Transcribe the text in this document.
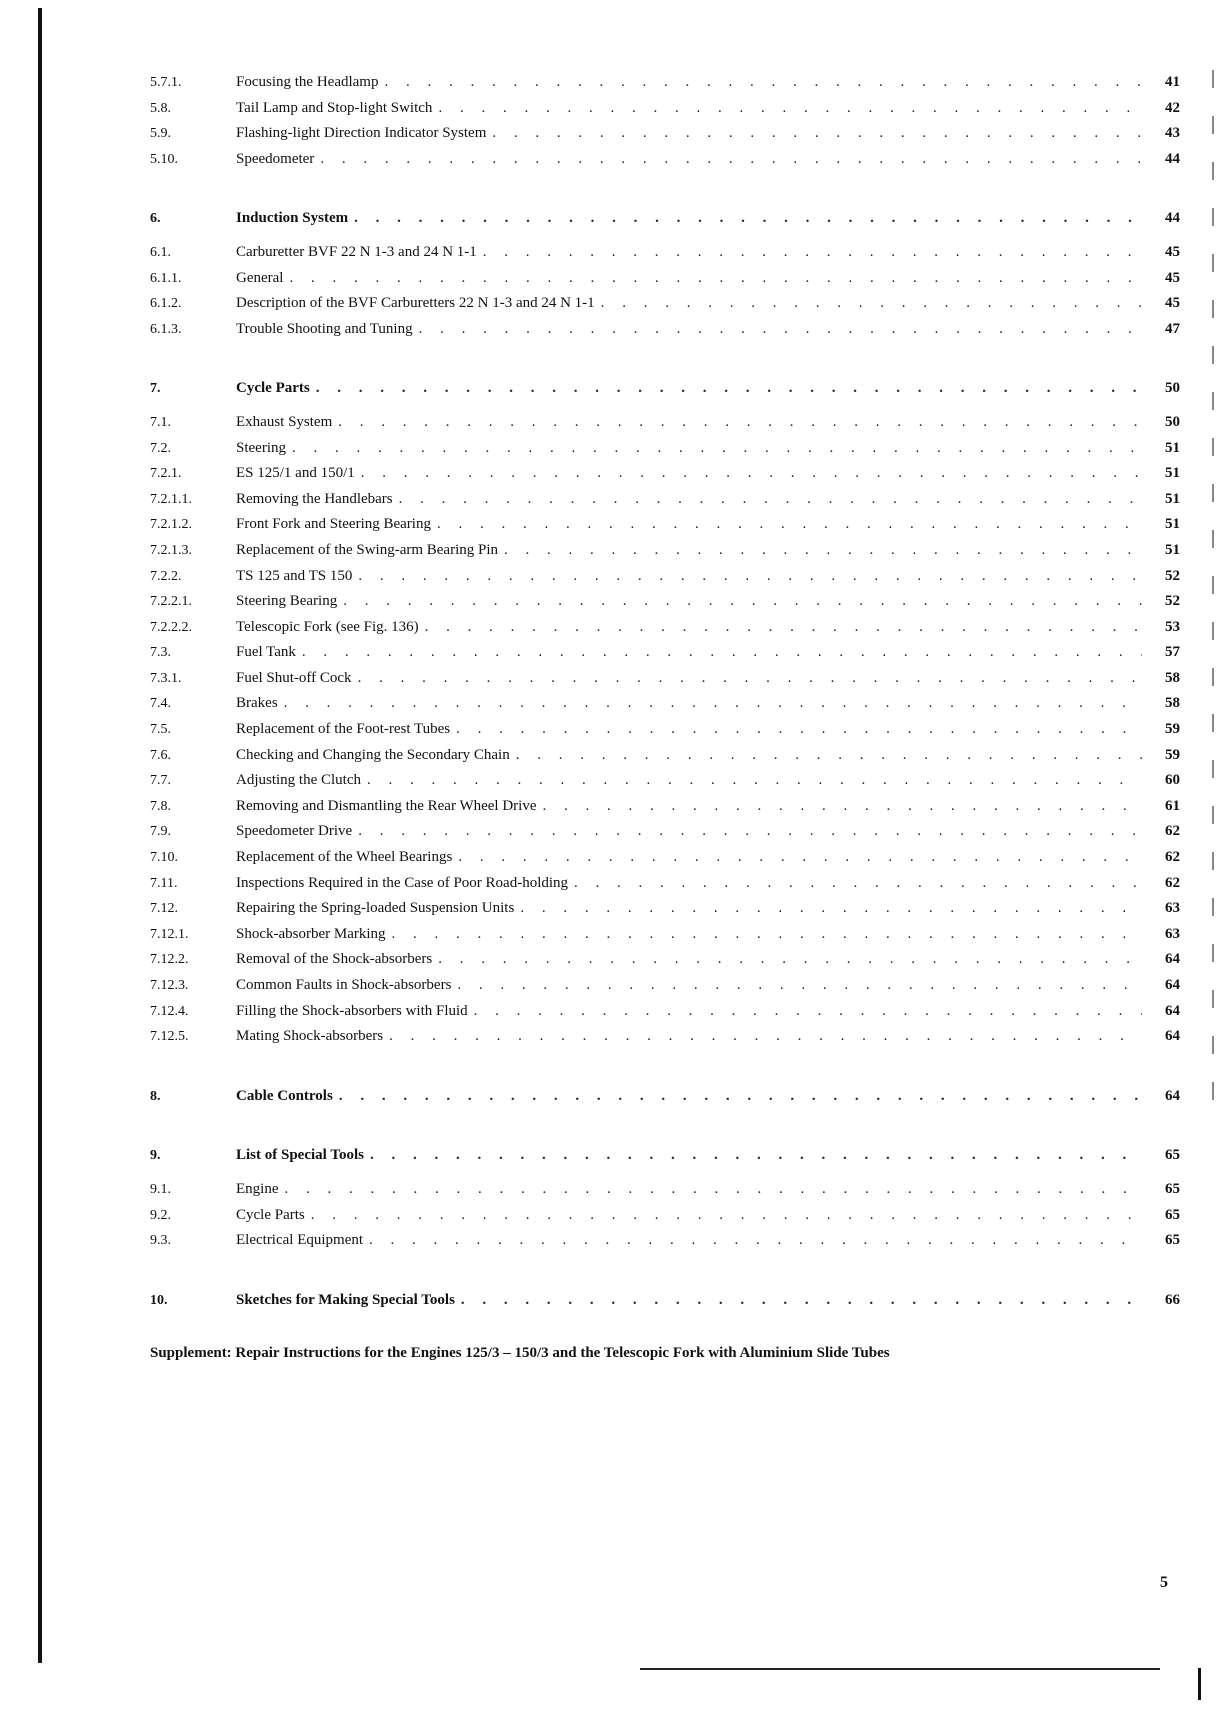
5.7.1.	Focusing the Headlamp . . .	41
5.8.	Tail Lamp and Stop-light Switch . . .	42
5.9.	Flashing-light Direction Indicator System . . .	43
5.10.	Speedometer . . .	44
6.	Induction System . . .	44
6.1.	Carburetter BVF 22 N 1-3 and 24 N 1-1 . . .	45
6.1.1.	General . . .	45
6.1.2.	Description of the BVF Carburetters 22 N 1-3 and 24 N 1-1 . . .	45
6.1.3.	Trouble Shooting and Tuning . . .	47
7.	Cycle Parts . . .	50
7.1.	Exhaust System . . .	50
7.2.	Steering . . .	51
7.2.1.	ES 125/1 and 150/1 . . .	51
7.2.1.1.	Removing the Handlebars . . .	51
7.2.1.2.	Front Fork and Steering Bearing . . .	51
7.2.1.3.	Replacement of the Swing-arm Bearing Pin . . .	51
7.2.2.	TS 125 and TS 150 . . .	52
7.2.2.1.	Steering Bearing . . .	52
7.2.2.2.	Telescopic Fork (see Fig. 136) . . .	53
7.3.	Fuel Tank . . .	57
7.3.1.	Fuel Shut-off Cock . . .	58
7.4.	Brakes . . .	58
7.5.	Replacement of the Foot-rest Tubes . . .	59
7.6.	Checking and Changing the Secondary Chain . . .	59
7.7.	Adjusting the Clutch . . .	60
7.8.	Removing and Dismantling the Rear Wheel Drive . . .	61
7.9.	Speedometer Drive . . .	62
7.10.	Replacement of the Wheel Bearings . . .	62
7.11.	Inspections Required in the Case of Poor Road-holding . . .	62
7.12.	Repairing the Spring-loaded Suspension Units . . .	63
7.12.1.	Shock-absorber Marking . . .	63
7.12.2.	Removal of the Shock-absorbers . . .	64
7.12.3.	Common Faults in Shock-absorbers . . .	64
7.12.4.	Filling the Shock-absorbers with Fluid . . .	64
7.12.5.	Mating Shock-absorbers . . .	64
8.	Cable Controls . . .	64
9.	List of Special Tools . . .	65
9.1.	Engine . . .	65
9.2.	Cycle Parts . . .	65
9.3.	Electrical Equipment . . .	65
10.	Sketches for Making Special Tools . . .	66
Supplement: Repair Instructions for the Engines 125/3 – 150/3 and the Telescopic Fork with Aluminium Slide Tubes
5
